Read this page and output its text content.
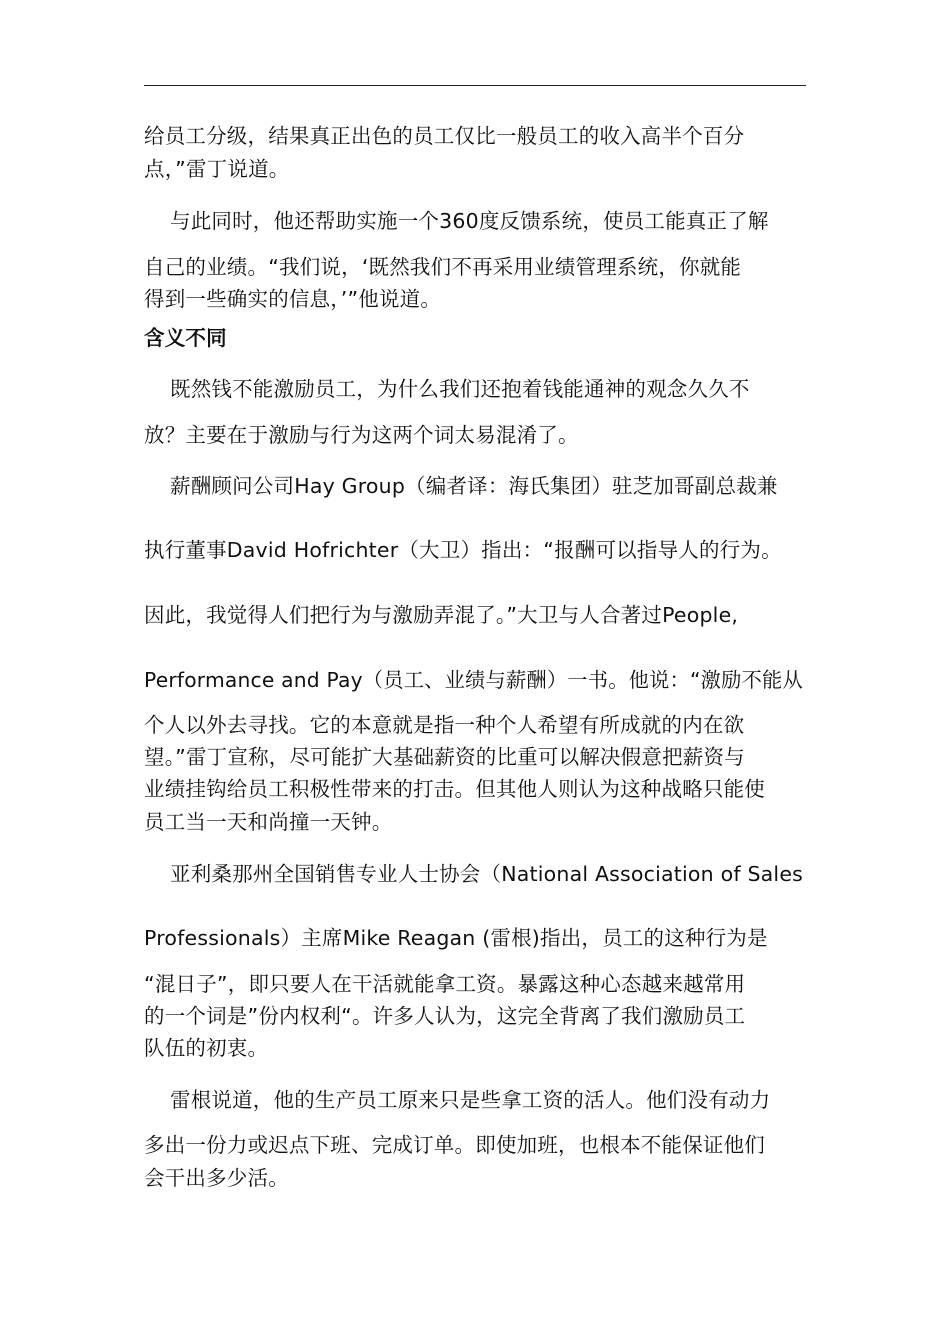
给员工分级，结果真正出色的员工仅比一般员工的收入高半个百分
点，”雷丁说道。
与此同时，他还帮助实施一个360度反馈系统，使员工能真正了解
自己的业绩。“我们说，‘既然我们不再采用业绩管理系统，你就能
得到一些确实的信息，’”他说道。
含义不同
既然钱不能激励员工，为什么我们还抱着钱能通神的观念久久不
放？主要在于激励与行为这两个词太易混淆了。
薪酬顾问公司Hay Group（编者译：海氏集团）驻芝加哥副总裁兼
执行董事David Hofrichter（大卫）指出：“报酬可以指导人的行为。
因此，我觉得人们把行为与激励弄混了。”大卫与人合著过People,
Performance and Pay（员工、业绩与薪酬）一书。他说：“激励不能从
个人以外去寻找。它的本意就是指一种个人希望有所成就的内在欲
望。”雷丁宣称，尽可能扩大基础薪资的比重可以解决假意把薪资与
业绩挂钩给员工积极性带来的打击。但其他人则认为这种战略只能使
员工当一天和尚撞一天钟。
亚利桑那州全国销售专业人士协会（National Association of Sales
Professionals）主席Mike Reagan (雷根)指出，员工的这种行为是
“混日子”，即只要人在干活就能拿工资。暴露这种心态越来越常用
的一个词是”份内权利“。许多人认为，这完全背离了我们激励员工
队伍的初衷。
雷根说道，他的生产员工原来只是些拿工资的活人。他们没有动力
多出一份力或迟点下班、完成订单。即使加班，也根本不能保证他们
会干出多少活。
